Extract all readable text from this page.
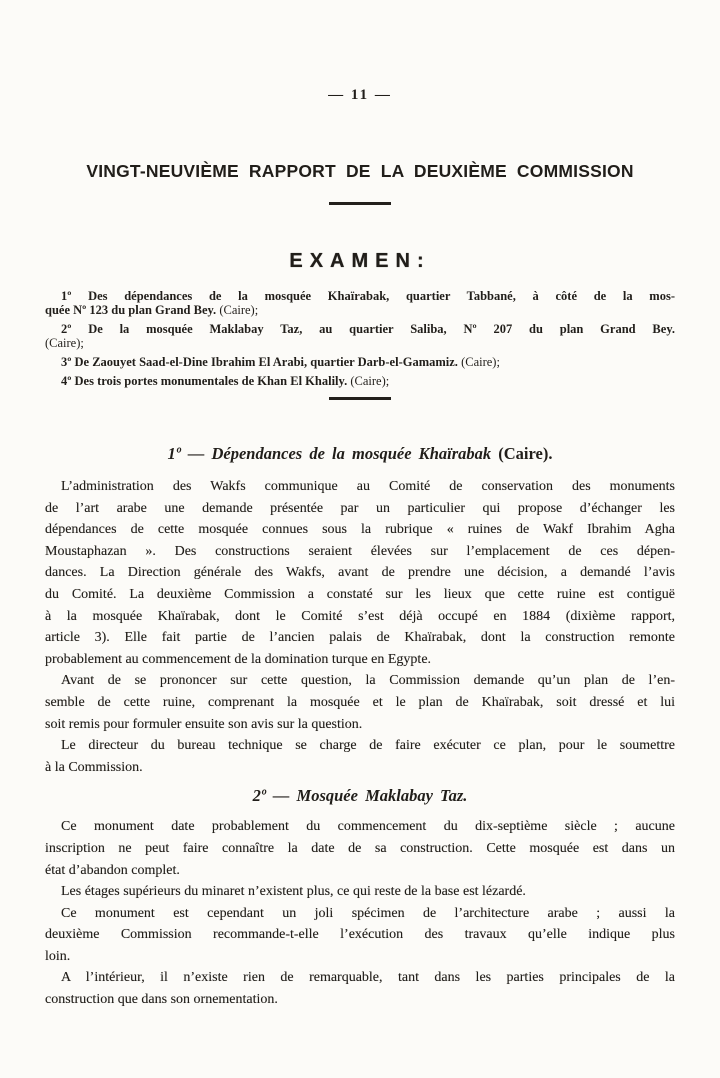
— 11 —
VINGT-NEUVIÈME RAPPORT DE LA DEUXIÈME COMMISSION
EXAMEN:
1º Des dépendances de la mosquée Khaïrabak, quartier Tabbané, à côté de la mos-
quée Nº 123 du plan Grand Bey. (Caire);
2º De la mosquée Maklabay Taz, au quartier Saliba, Nº 207 du plan Grand Bey.
(Caire);
3º De Zaouyet Saad-el-Dine Ibrahim El Arabi, quartier Darb-el-Gamamiz. (Caire);
4º Des trois portes monumentales de Khan El Khalily. (Caire);
1º — Dépendances de la mosquée Khaïrabak (Caire).
L’administration des Wakfs communique au Comité de conservation des monuments
de l’art arabe une demande présentée par un particulier qui propose d’échanger les
dépendances de cette mosquée connues sous la rubrique « ruines de Wakf Ibrahim Agha
Moustaphazan ». Des constructions seraient élevées sur l’emplacement de ces dépen-
dances. La Direction générale des Wakfs, avant de prendre une décision, a demandé l’avis
du Comité. La deuxième Commission a constaté sur les lieux que cette ruine est contiguë
à la mosquée Khaïrabak, dont le Comité s’est déjà occupé en 1884 (dixième rapport,
article 3). Elle fait partie de l’ancien palais de Khaïrabak, dont la construction remonte
probablement au commencement de la domination turque en Egypte.
Avant de se prononcer sur cette question, la Commission demande qu’un plan de l’en-
semble de cette ruine, comprenant la mosquée et le plan de Khaïrabak, soit dressé et lui
soit remis pour formuler ensuite son avis sur la question.
Le directeur du bureau technique se charge de faire exécuter ce plan, pour le soumettre
à la Commission.
2º — Mosquée Maklabay Taz.
Ce monument date probablement du commencement du dix-septième siècle ; aucune
inscription ne peut faire connaître la date de sa construction. Cette mosquée est dans un
état d’abandon complet.
Les étages supérieurs du minaret n’existent plus, ce qui reste de la base est lézardé.
Ce monument est cependant un joli spécimen de l’architecture arabe ; aussi la
deuxième Commission recommande-t-elle l’exécution des travaux qu’elle indique plus
loin.
A l’intérieur, il n’existe rien de remarquable, tant dans les parties principales de la
construction que dans son ornementation.
